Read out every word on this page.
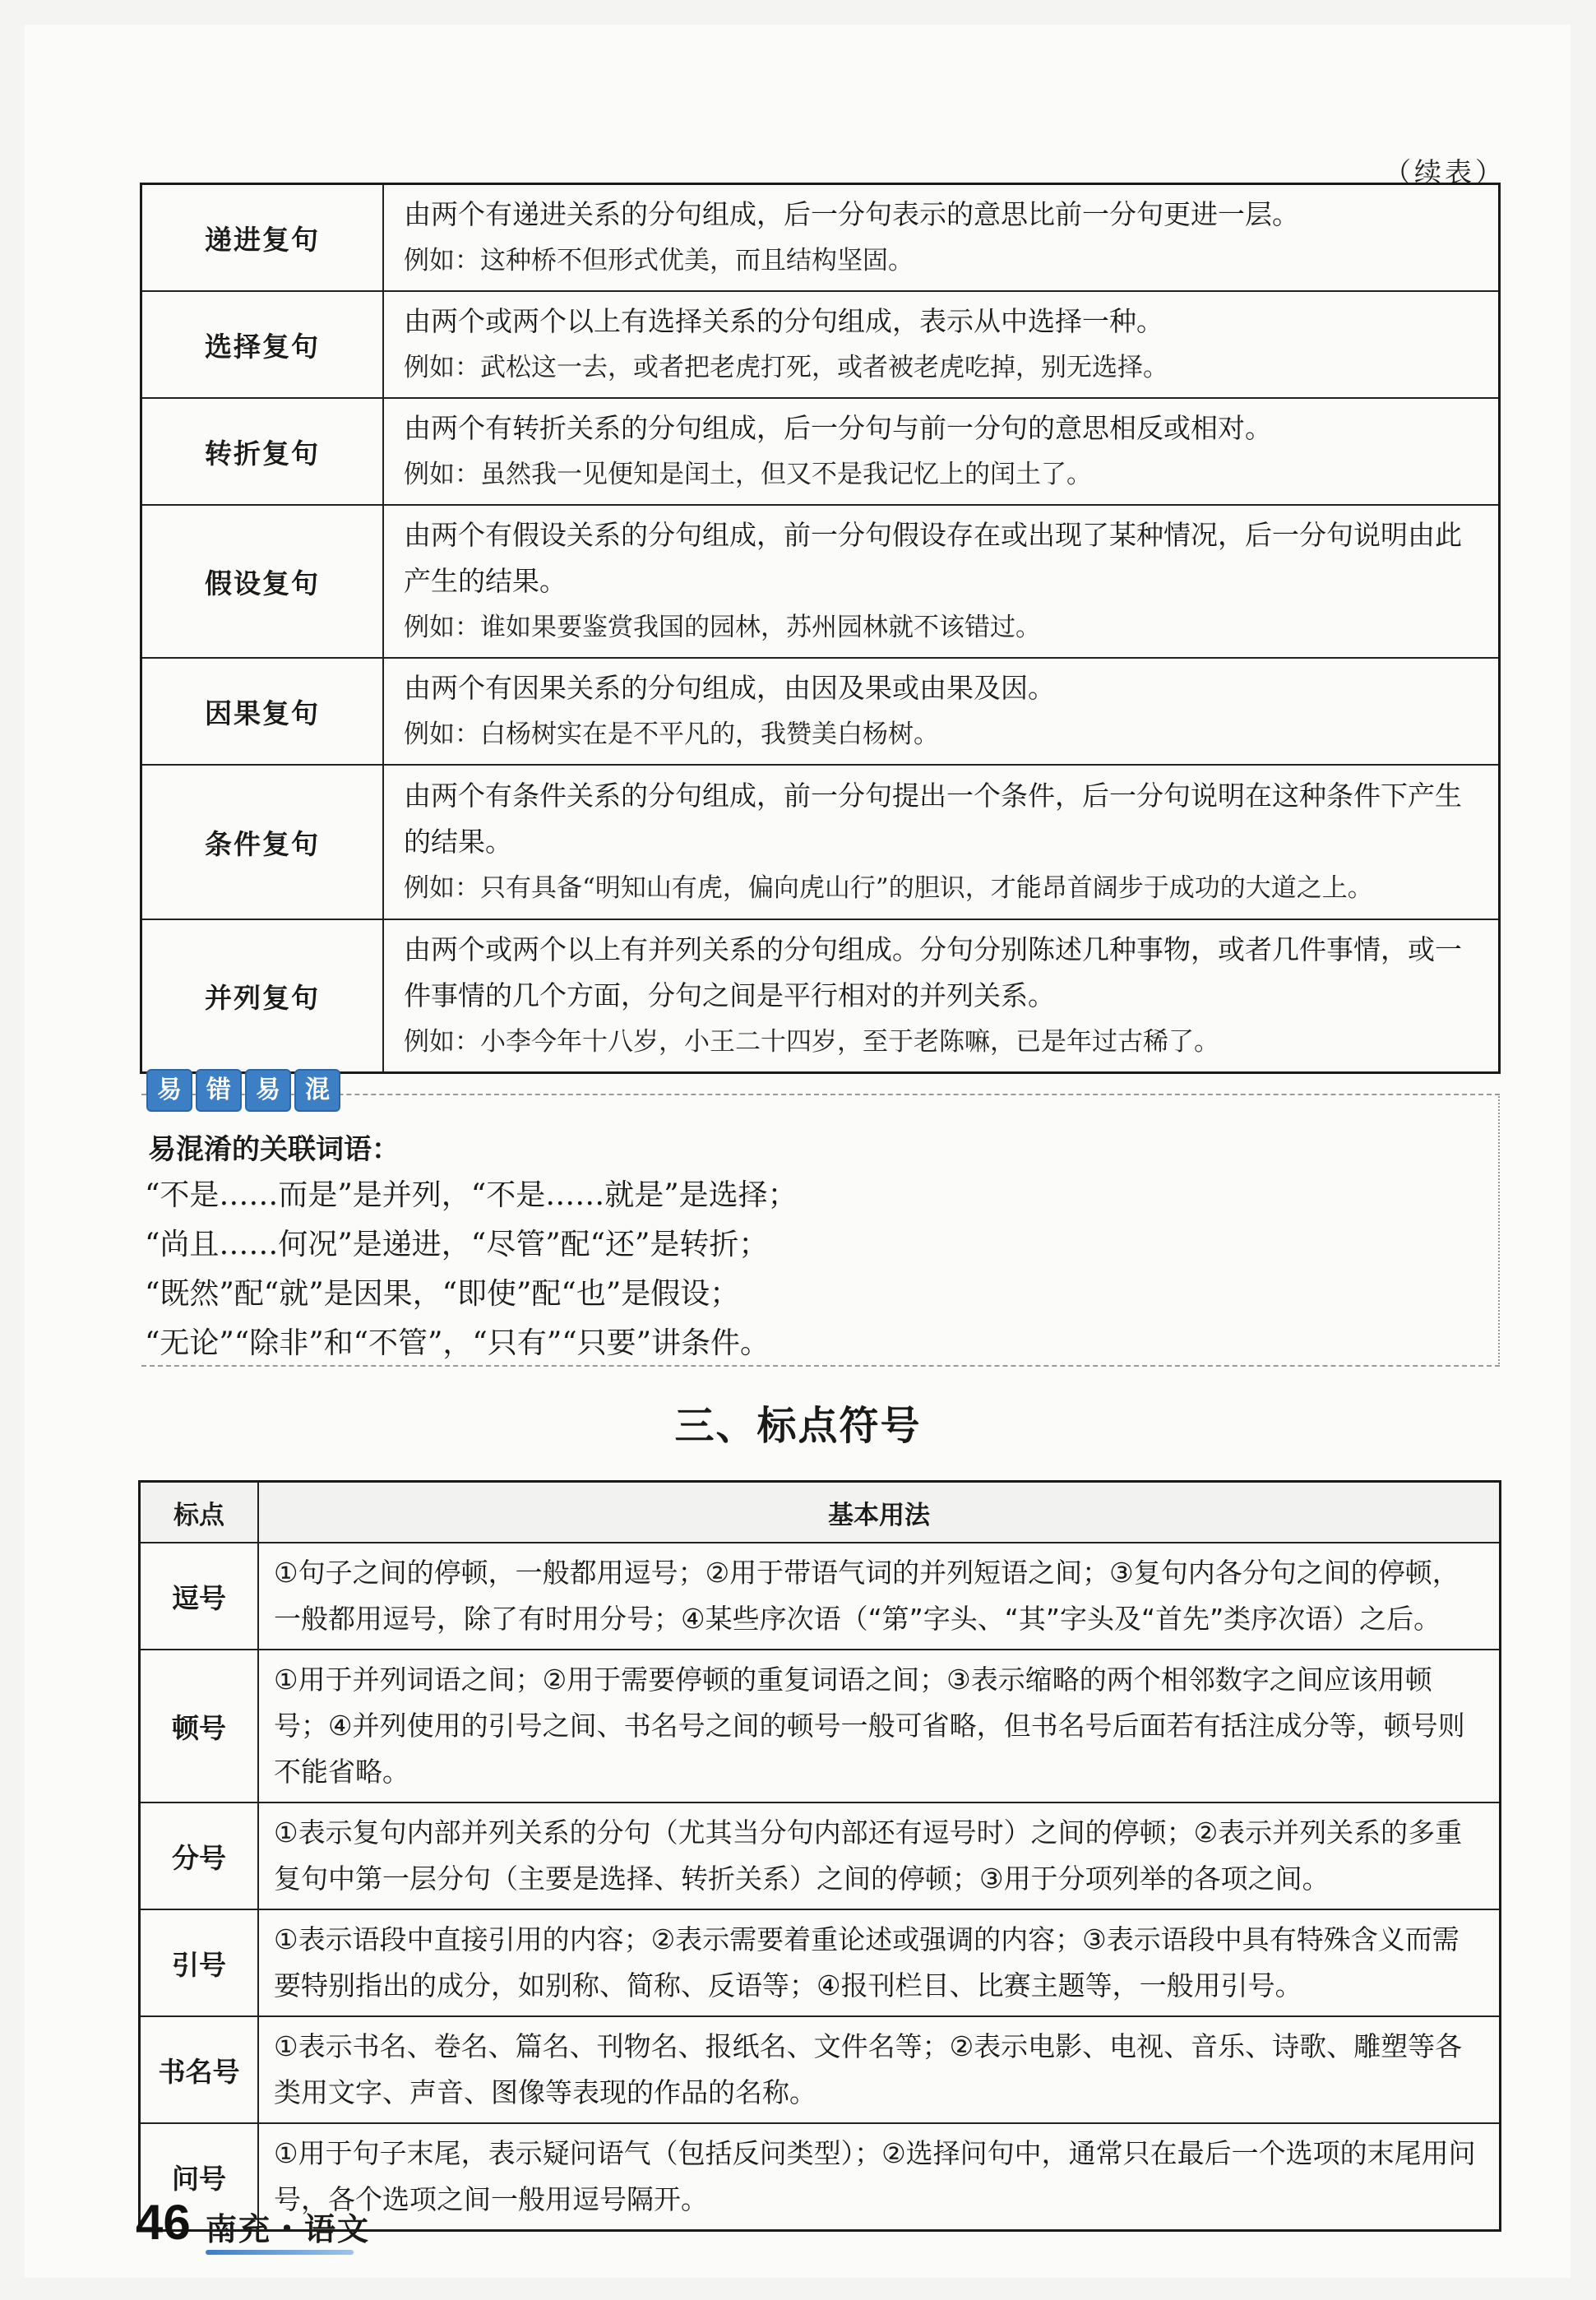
（续表）
递进复句	由两个有递进关系的分句组成，后一分句表示的意思比前一分句更进一层。
例如：这种桥不但形式优美，而且结构坚固。

选择复句	由两个或两个以上有选择关系的分句组成，表示从中选择一种。
例如：武松这一去，或者把老虎打死，或者被老虎吃掉，别无选择。

转折复句	由两个有转折关系的分句组成，后一分句与前一分句的意思相反或相对。
例如：虽然我一见便知是闰土，但又不是我记忆上的闰土了。

假设复句	由两个有假设关系的分句组成，前一分句假设存在或出现了某种情况，后一分句说明由此产生的结果。
例如：谁如果要鉴赏我国的园林，苏州园林就不该错过。

因果复句	由两个有因果关系的分句组成，由因及果或由果及因。
例如：白杨树实在是不平凡的，我赞美白杨树。

条件复句	由两个有条件关系的分句组成，前一分句提出一个条件，后一分句说明在这种条件下产生的结果。
例如：只有具备“明知山有虎，偏向虎山行”的胆识，才能昂首阔步于成功的大道之上。

并列复句	由两个或两个以上有并列关系的分句组成。分句分别陈述几种事物，或者几件事情，或一件事情的几个方面，分句之间是平行相对的并列关系。
例如：小李今年十八岁，小王二十四岁，至于老陈嘛，已是年过古稀了。
易	错	易	混
易混淆的关联词语：
“不是……而是”是并列，“不是……就是”是选择；
“尚且……何况”是递进，“尽管”配“还”是转折；
“既然”配“就”是因果，“即使”配“也”是假设；
“无论”“除非”和“不管”，“只有”“只要”讲条件。
三、标点符号
标点	基本用法
逗号	①句子之间的停顿，一般都用逗号；②用于带语气词的并列短语之间；③复句内各分句之间的停顿，一般都用逗号，除了有时用分号；④某些序次语（“第”字头、“其”字头及“首先”类序次语）之后。
顿号	①用于并列词语之间；②用于需要停顿的重复词语之间；③表示缩略的两个相邻数字之间应该用顿号；④并列使用的引号之间、书名号之间的顿号一般可省略，但书名号后面若有括注成分等，顿号则不能省略。
分号	①表示复句内部并列关系的分句（尤其当分句内部还有逗号时）之间的停顿；②表示并列关系的多重复句中第一层分句（主要是选择、转折关系）之间的停顿；③用于分项列举的各项之间。
引号	①表示语段中直接引用的内容；②表示需要着重论述或强调的内容；③表示语段中具有特殊含义而需要特别指出的成分，如别称、简称、反语等；④报刊栏目、比赛主题等，一般用引号。
书名号	①表示书名、卷名、篇名、刊物名、报纸名、文件名等；②表示电影、电视、音乐、诗歌、雕塑等各类用文字、声音、图像等表现的作品的名称。
问号	①用于句子末尾，表示疑问语气（包括反问类型）；②选择问句中，通常只在最后一个选项的末尾用问号，各个选项之间一般用逗号隔开。
46 南充・语文
